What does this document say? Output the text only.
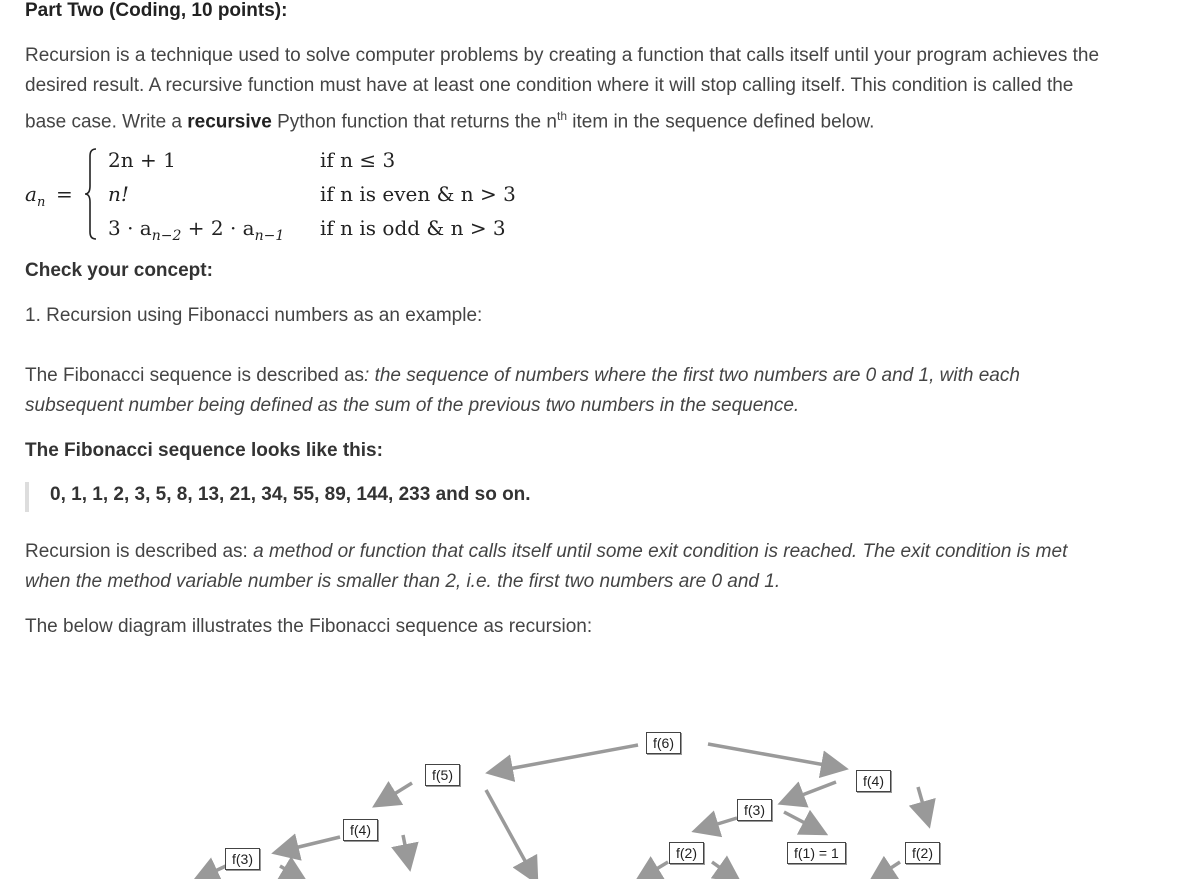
Part Two (Coding, 10 points):
Recursion is a technique used to solve computer problems by creating a function that calls itself until your program achieves the
desired result. A recursive function must have at least one condition where it will stop calling itself. This condition is called the
base case. Write a recursive Python function that returns the $n^{th}$ item in the sequence defined below.
$a_n$ =
2n + 1	if n ≤ 3
n!	if n is even & n > 3
$3 \cdot a_{n-2} + 2 \cdot a_{n-1}$ if n is odd & n > 3
Check your concept:
1. Recursion using Fibonacci numbers as an example:
The Fibonacci sequence is described as: the sequence of numbers where the first two numbers are 0 and 1, with each
subsequent number being defined as the sum of the previous two numbers in the sequence.
The Fibonacci sequence looks like this:
0, 1, 1, 2, 3, 5, 8, 13, 21, 34, 55, 89, 144, 233 and so on.
Recursion is described as: a method or function that calls itself until some exit condition is reached. The exit condition is met
when the method variable number is smaller than 2, i.e. the first two numbers are 0 and 1.
The below diagram illustrates the Fibonacci sequence as recursion:
f(6)
f(5)	f(4)
f(3)
f(4)
f(3)	f(2)	f(1) = 1	f(2)
